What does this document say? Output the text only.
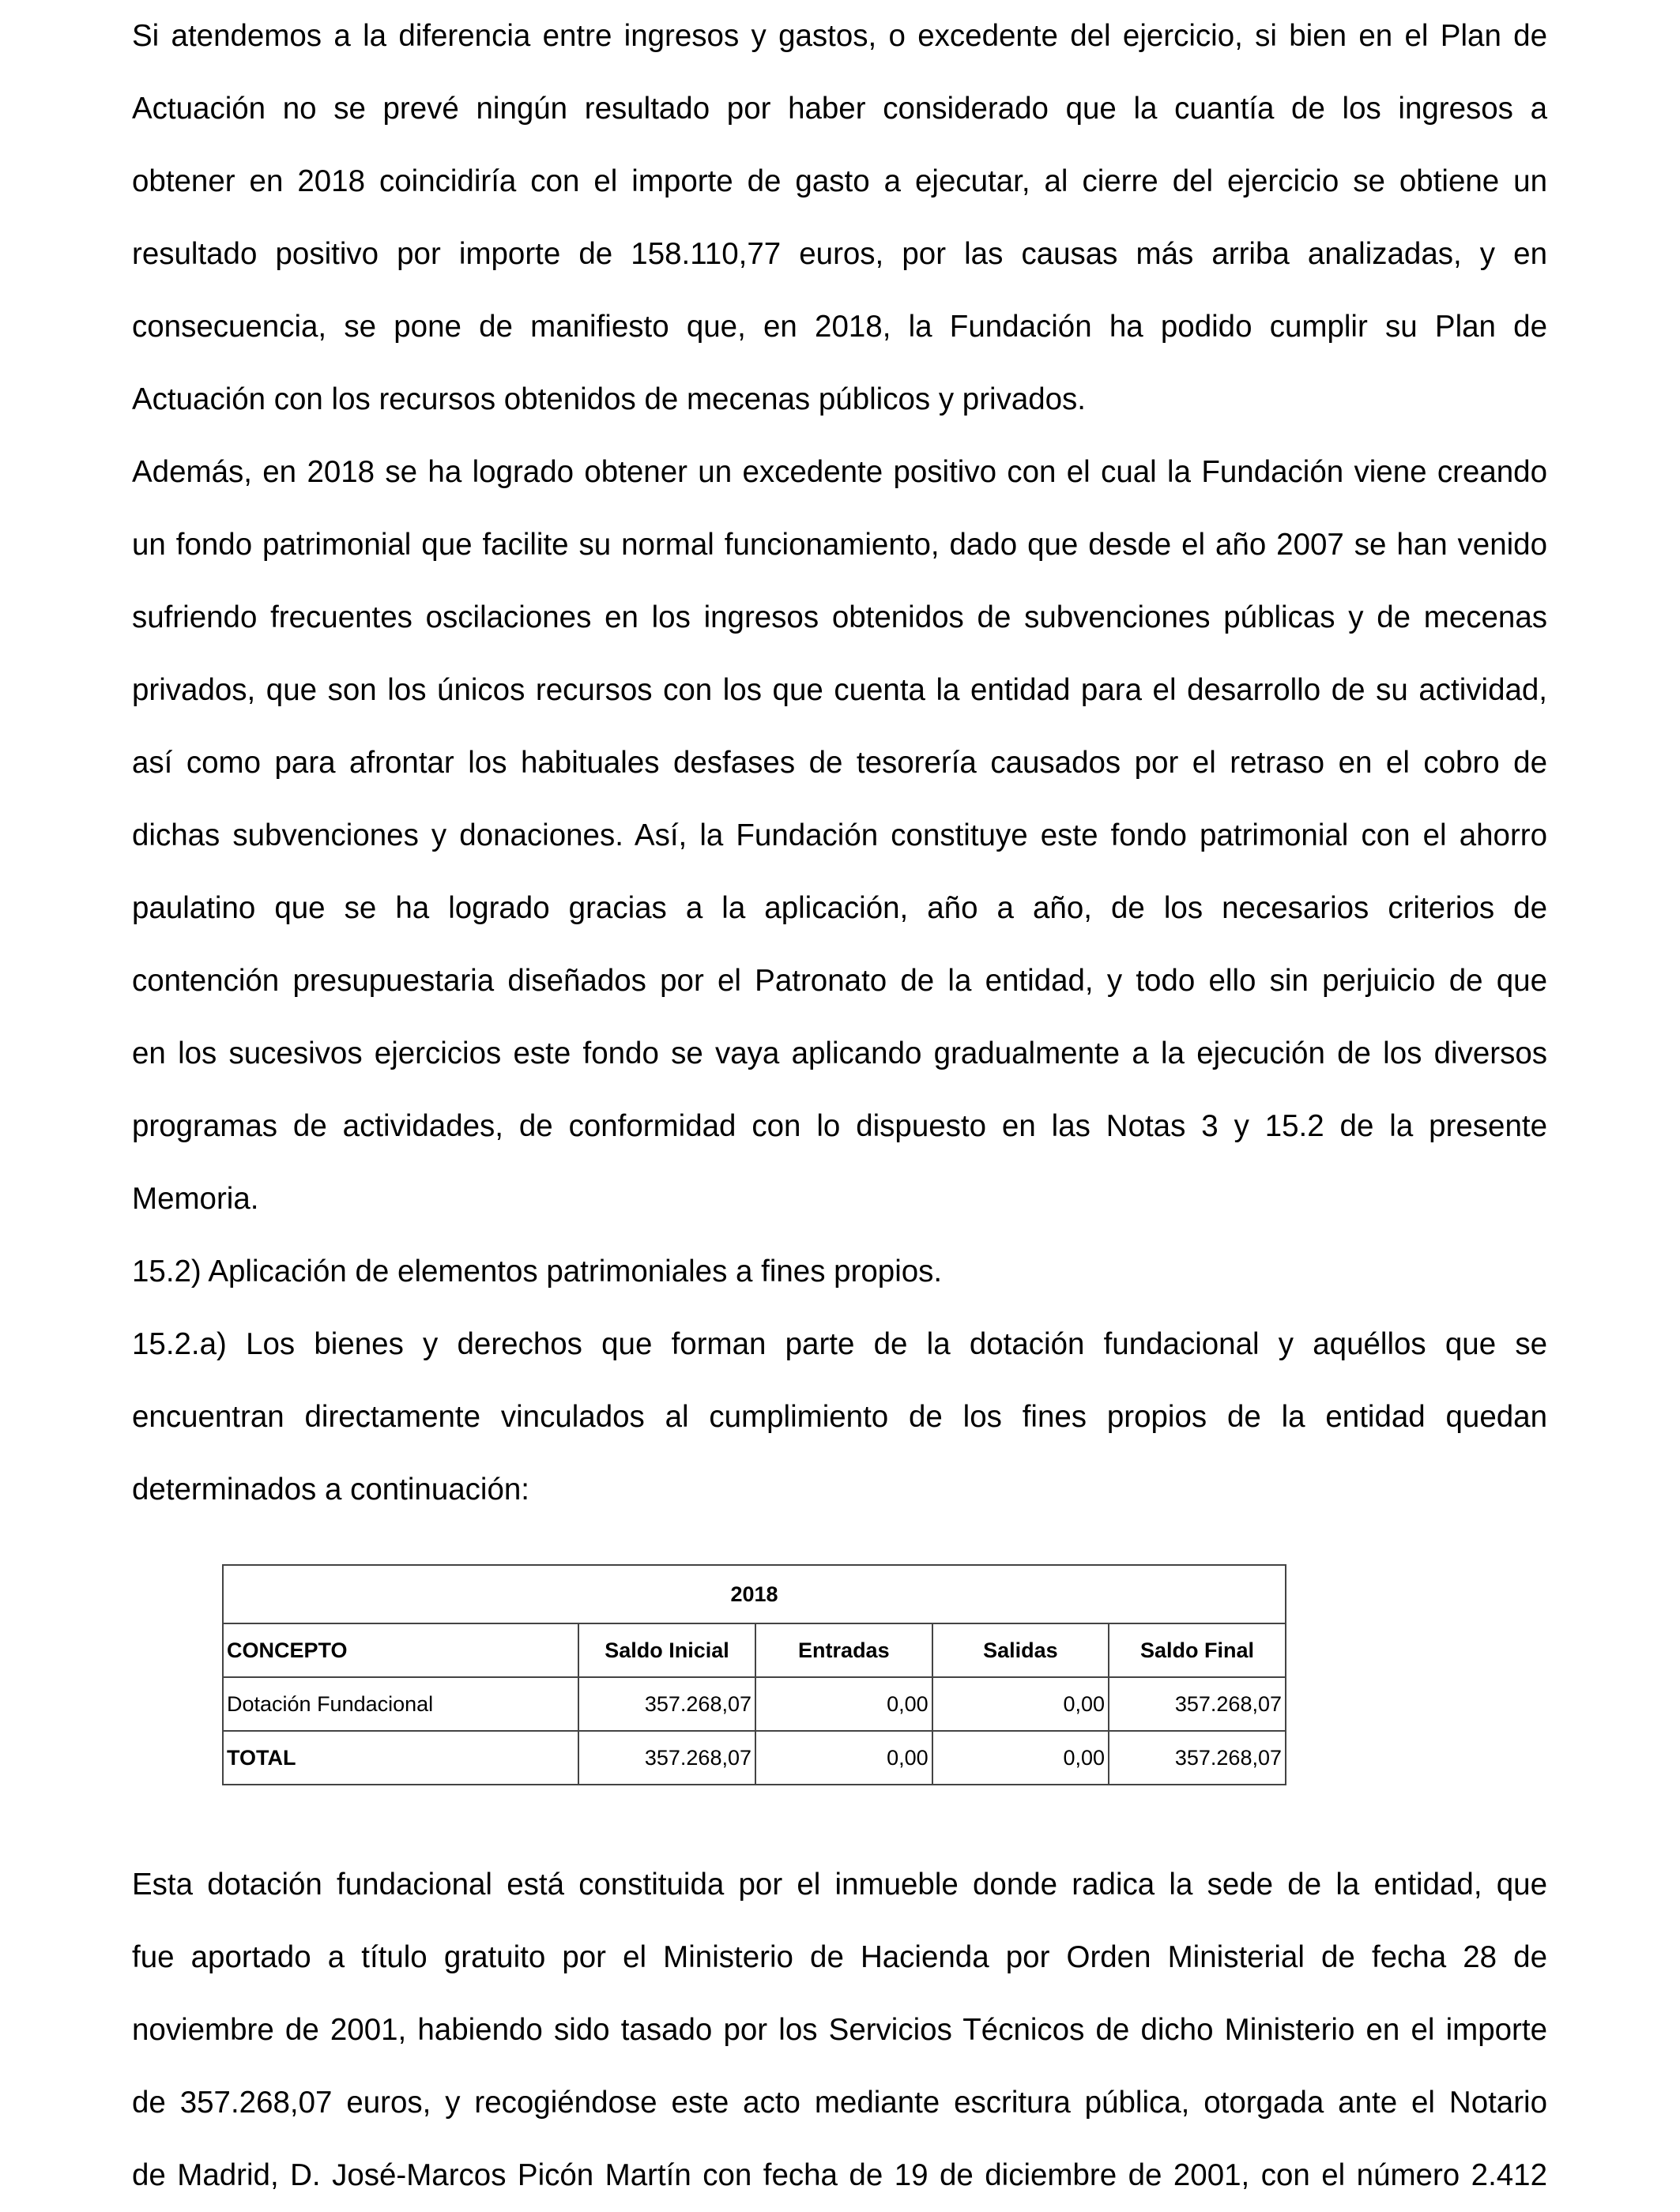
Si atendemos a la diferencia entre ingresos y gastos, o excedente del ejercicio, si bien en el Plan de
Actuación no se prevé ningún resultado por haber considerado que la cuantía de los ingresos a
obtener en 2018 coincidiría con el importe de gasto a ejecutar, al cierre del ejercicio se obtiene un
resultado positivo por importe de 158.110,77 euros, por las causas más arriba analizadas, y en
consecuencia, se pone de manifiesto que, en 2018, la Fundación ha podido cumplir su Plan de
Actuación con los recursos obtenidos de mecenas públicos y privados.
Además, en 2018 se ha logrado obtener un excedente positivo con el cual la Fundación viene creando
un fondo patrimonial que facilite su normal funcionamiento, dado que desde el año 2007 se han venido
sufriendo frecuentes oscilaciones en los ingresos obtenidos de subvenciones públicas y de mecenas
privados, que son los únicos recursos con los que cuenta la entidad para el desarrollo de su actividad,
así como para afrontar los habituales desfases de tesorería causados por el retraso en el cobro de
dichas subvenciones y donaciones. Así, la Fundación constituye este fondo patrimonial con el ahorro
paulatino que se ha logrado gracias a la aplicación, año a año, de los necesarios criterios de
contención presupuestaria diseñados por el Patronato de la entidad, y todo ello sin perjuicio de que
en los sucesivos ejercicios este fondo se vaya aplicando gradualmente a la ejecución de los diversos
programas de actividades, de conformidad con lo dispuesto en las Notas 3 y 15.2 de la presente
Memoria.

15.2) Aplicación de elementos patrimoniales a fines propios.

15.2.a) Los bienes y derechos que forman parte de la dotación fundacional y aquéllos que se
encuentran directamente vinculados al cumplimiento de los fines propios de la entidad quedan
determinados a continuación:
2018				
CONCEPTO	Saldo Inicial	Entradas	Salidas	Saldo Final
Dotación Fundacional	357.268,07	0,00	0,00	357.268,07
TOTAL	357.268,07	0,00	0,00	357.268,07
Esta dotación fundacional está constituida por el inmueble donde radica la sede de la entidad, que
fue aportado a título gratuito por el Ministerio de Hacienda por Orden Ministerial de fecha 28 de
noviembre de 2001, habiendo sido tasado por los Servicios Técnicos de dicho Ministerio en el importe
de 357.268,07 euros, y recogiéndose este acto mediante escritura pública, otorgada ante el Notario
de Madrid, D. José-Marcos Picón Martín con fecha de 19 de diciembre de 2001, con el número 2.412
